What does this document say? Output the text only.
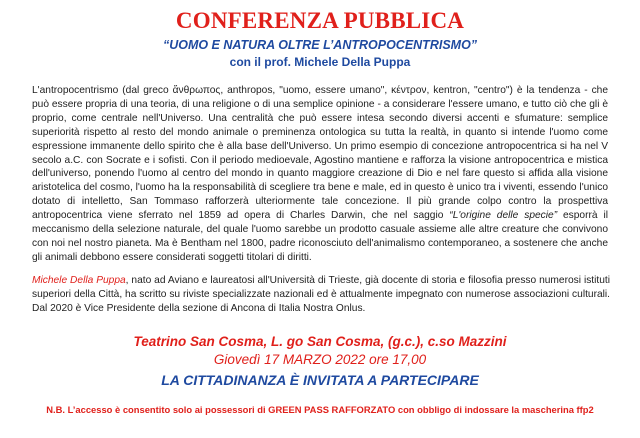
CONFERENZA PUBBLICA
“UOMO E NATURA OLTRE L’ANTROPOCENTRISMO”
con il prof. Michele Della Puppa

L'antropocentrismo (dal greco ἄνθρωπος, anthropos, "uomo, essere umano", κέντρον, kentron, "centro") è la tendenza - che può essere propria di una teoria, di una religione o di una semplice opinione - a considerare l'essere umano, e tutto ciò che gli è proprio, come centrale nell'Universo. Una centralità che può essere intesa secondo diversi accenti e sfumature: semplice superiorità rispetto al resto del mondo animale o preminenza ontologica su tutta la realtà, in quanto si intende l'uomo come espressione immanente dello spirito che è alla base dell'Universo. Un primo esempio di concezione antropocentrica si ha nel V secolo a.C. con Socrate e i sofisti. Con il periodo medioevale, Agostino mantiene e rafforza la visione antropocentrica e mistica dell'universo, ponendo l'uomo al centro del mondo in quanto maggiore creazione di Dio e nel fare questo si affida alla visione aristotelica del cosmo, l'uomo ha la responsabilità di scegliere tra bene e male, ed in questo è unico tra i viventi, essendo l'unico dotato di intelletto, San Tommaso rafforzerà ulteriormente tale concezione. Il più grande colpo contro la prospettiva antropocentrica viene sferrato nel 1859 ad opera di Charles Darwin, che nel saggio “L'origine delle specie” esporrà il meccanismo della selezione naturale, del quale l'uomo sarebbe un prodotto casuale assieme alle altre creature che convivono con noi nel nostro pianeta. Ma è Bentham nel 1800, padre riconosciuto dell'animalismo contemporaneo, a sostenere che anche gli animali debbono essere considerati soggetti titolari di diritti.

Michele Della Puppa, nato ad Aviano e laureatosi all'Università di Trieste, già docente di storia e filosofia presso numerosi istituti superiori della Città, ha scritto su riviste specializzate nazionali ed è attualmente impegnato con numerose associazioni culturali. Dal 2020 è Vice Presidente della sezione di Ancona di Italia Nostra Onlus.

Teatrino San Cosma, L. go San Cosma, (g.c.), c.so Mazzini
Giovedì 17 MARZO 2022 ore 17,00
LA CITTADINANZA È INVITATA A PARTECIPARE
N.B. L’accesso è consentito solo ai possessori di GREEN PASS RAFFORZATO con obbligo di indossare la mascherina ffp2
